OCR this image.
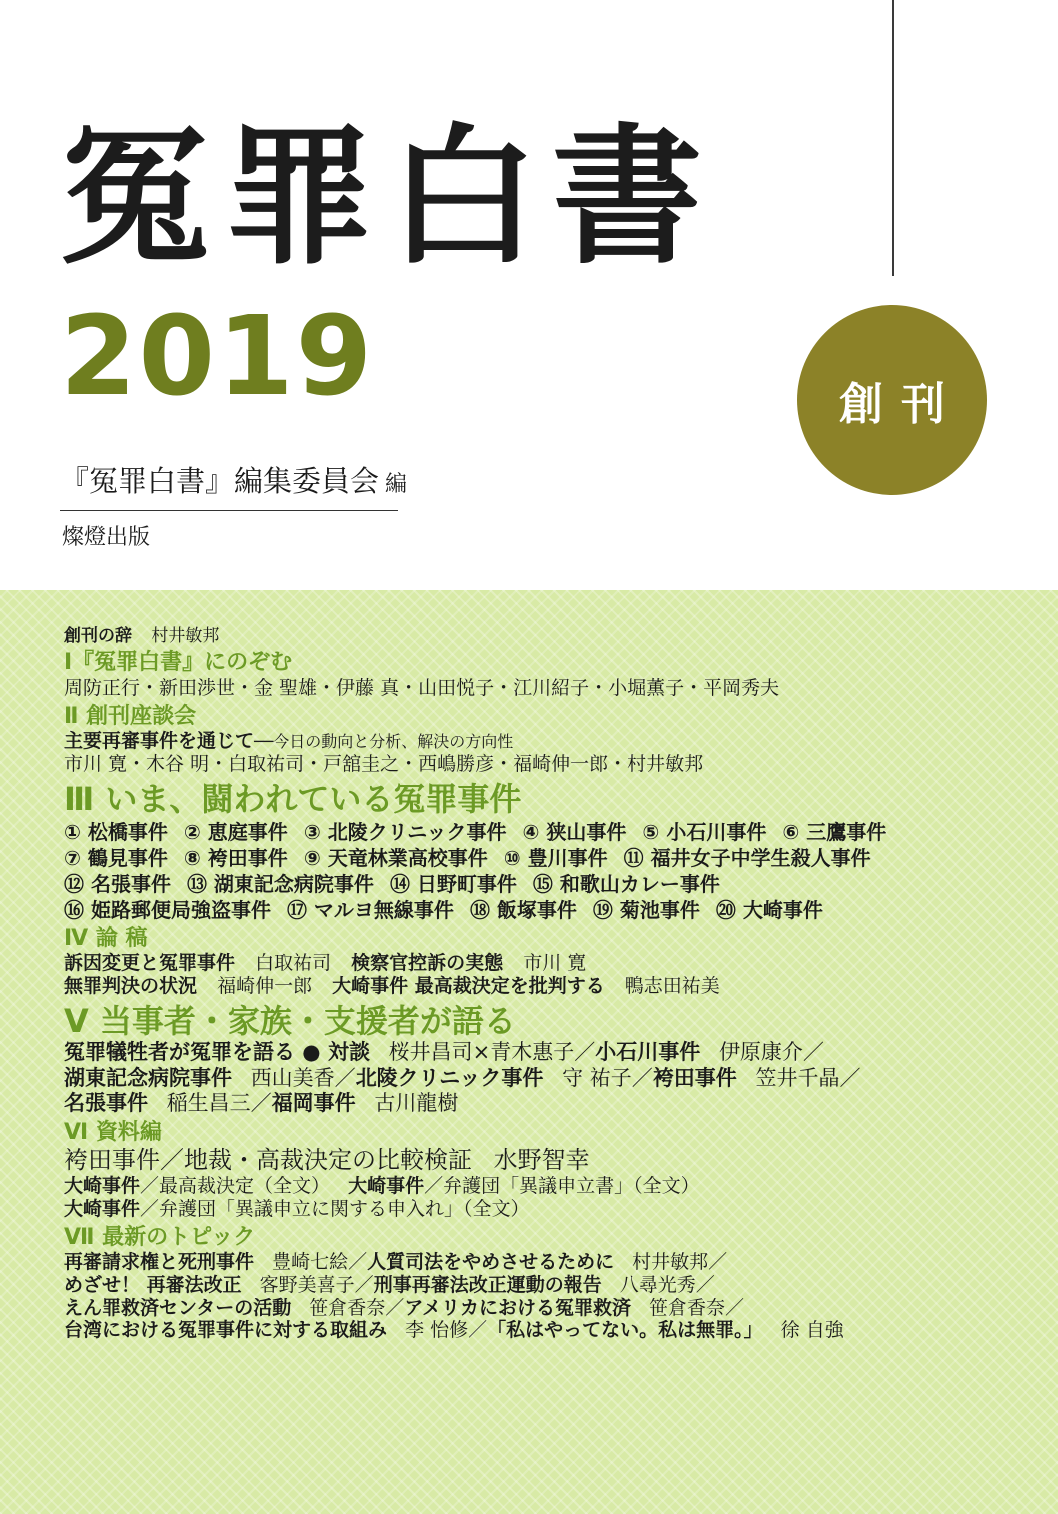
冤罪白書
2019	創刊
『冤罪白書』編集委員会 編
燦燈出版
創刊の辞 村井敏邦
Ⅰ『冤罪白書』にのぞむ
周防正行・新田渉世・金 聖雄・伊藤 真・山田悦子・江川紹子・小堀薫子・平岡秀夫
Ⅱ 創刊座談会
主要再審事件を通じて──今日の動向と分析、解決の方向性
市川 寛・木谷 明・白取祐司・戸舘圭之・西嶋勝彦・福崎伸一郎・村井敏邦
Ⅲ いま、闘われている冤罪事件
① 松橋事件 ② 恵庭事件 ③ 北陵クリニック事件 ④ 狭山事件 ⑤ 小石川事件 ⑥ 三鷹事件
⑦ 鶴見事件 ⑧ 袴田事件 ⑨ 天竜林業高校事件 ⑩ 豊川事件 ⑪ 福井女子中学生殺人事件
⑫ 名張事件 ⑬ 湖東記念病院事件 ⑭ 日野町事件 ⑮ 和歌山カレー事件
⑯ 姫路郵便局強盗事件 ⑰ マルヨ無線事件 ⑱ 飯塚事件 ⑲ 菊池事件 ⑳ 大崎事件
Ⅳ 論 稿
訴因変更と冤罪事件 白取祐司 検察官控訴の実態 市川 寛
無罪判決の状況 福崎伸一郎 大崎事件 最高裁決定を批判する 鴨志田祐美
Ⅴ 当事者・家族・支援者が語る
冤罪犠牲者が冤罪を語る ● 対談 桜井昌司×青木惠子／小石川事件 伊原康介／
湖東記念病院事件 西山美香／北陵クリニック事件 守 祐子／袴田事件 笠井千晶／
名張事件 稲生昌三／福岡事件 古川龍樹
Ⅵ 資料編
袴田事件／地裁・高裁決定の比較検証 水野智幸
大崎事件／最高裁決定（全文） 大崎事件／弁護団「異議申立書」（全文）
大崎事件／弁護団「異議申立に関する申入れ」（全文）
Ⅶ 最新のトピック
再審請求権と死刑事件 豊崎七絵／人質司法をやめさせるために 村井敏邦／
めざせ！ 再審法改正 客野美喜子／刑事再審法改正運動の報告 八尋光秀／
えん罪救済センターの活動 笹倉香奈／アメリカにおける冤罪救済 笹倉香奈／
台湾における冤罪事件に対する取組み 李 怡修／「私はやってない。私は無罪。」 徐 自強
